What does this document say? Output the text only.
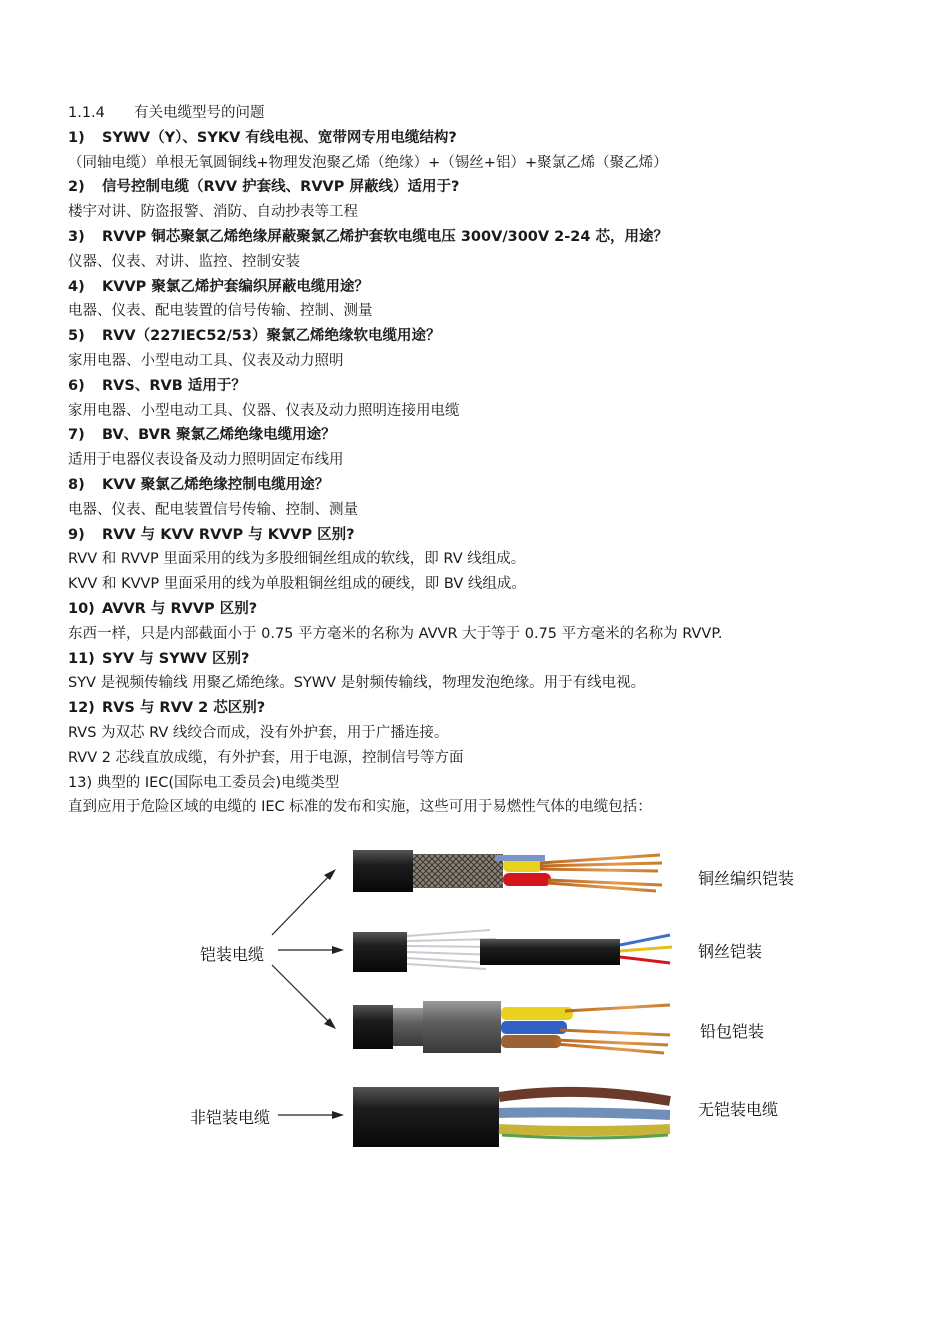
1.1.4 有关电缆型号的问题
1) SYWV（Y）、SYKV 有线电视、宽带网专用电缆结构?
（同轴电缆）单根无氧圆铜线+物理发泡聚乙烯（绝缘）+（锡丝+铝）+聚氯乙烯（聚乙烯）
2) 信号控制电缆（RVV 护套线、RVVP 屏蔽线）适用于?
楼宇对讲、防盗报警、消防、自动抄表等工程
3) RVVP 铜芯聚氯乙烯绝缘屏蔽聚氯乙烯护套软电缆电压 300V/300V 2-24 芯，用途？
仪器、仪表、对讲、监控、控制安装
4) KVVP 聚氯乙烯护套编织屏蔽电缆用途？
电器、仪表、配电装置的信号传输、控制、测量
5) RVV（227IEC52/53）聚氯乙烯绝缘软电缆用途？
家用电器、小型电动工具、仪表及动力照明
6) RVS、RVB 适用于？
家用电器、小型电动工具、仪器、仪表及动力照明连接用电缆
7) BV、BVR 聚氯乙烯绝缘电缆用途？
适用于电器仪表设备及动力照明固定布线用
8) KVV 聚氯乙烯绝缘控制电缆用途？
电器、仪表、配电装置信号传输、控制、测量
9) RVV 与 KVV RVVP 与 KVVP 区别?
RVV 和 RVVP 里面采用的线为多股细铜丝组成的软线，即 RV 线组成。
KVV 和 KVVP 里面采用的线为单股粗铜丝组成的硬线，即 BV 线组成。
10) AVVR 与 RVVP 区别?
东西一样，只是内部截面小于 0.75 平方毫米的名称为 AVVR 大于等于 0.75 平方毫米的名称为 RVVP.
11) SYV 与 SYWV 区别?
SYV 是视频传输线 用聚乙烯绝缘。SYWV 是射频传输线，物理发泡绝缘。用于有线电视。
12) RVS 与 RVV 2 芯区别?
RVS 为双芯 RV 线绞合而成，没有外护套，用于广播连接。
RVV 2 芯线直放成缆，有外护套，用于电源，控制信号等方面
13) 典型的 IEC(国际电工委员会)电缆类型
直到应用于危险区域的电缆的 IEC 标准的发布和实施，这些可用于易燃性气体的电缆包括：
铠装电缆
非铠装电缆
铜丝编织铠装
钢丝铠装
铅包铠装
无铠装电缆
